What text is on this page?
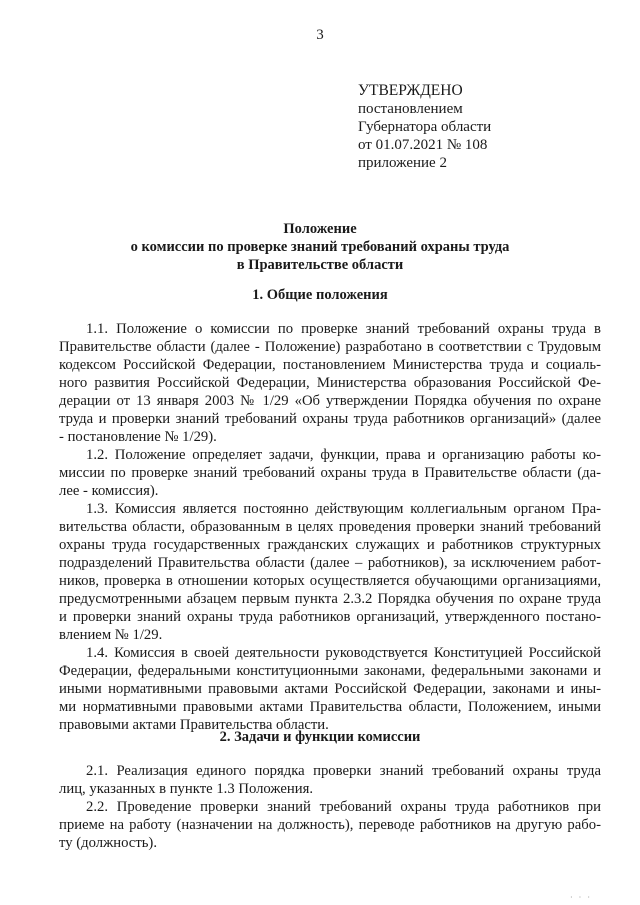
3
УТВЕРЖДЕНО
постановлением
Губернатора области
от 01.07.2021 № 108
приложение 2
Положение
о комиссии по проверке знаний требований охраны труда
в Правительстве области
1. Общие положения
1.1. Положение о комиссии по проверке знаний требований охраны труда в
Правительстве области (далее - Положение) разработано в соответствии с Трудовым
кодексом Российской Федерации, постановлением Министерства труда и социаль-
ного развития Российской Федерации, Министерства образования Российской Фе-
дерации от 13 января 2003 № 1/29 «Об утверждении Порядка обучения по охране
труда и проверки знаний требований охраны труда работников организаций» (далее
- постановление № 1/29).
1.2. Положение определяет задачи, функции, права и организацию работы ко-
миссии по проверке знаний требований охраны труда в Правительстве области (да-
лее - комиссия).
1.3. Комиссия является постоянно действующим коллегиальным органом Пра-
вительства области, образованным в целях проведения проверки знаний требований
охраны труда государственных гражданских служащих и работников структурных
подразделений Правительства области (далее – работников), за исключением работ-
ников, проверка в отношении которых осуществляется обучающими организациями,
предусмотренными абзацем первым пункта 2.3.2 Порядка обучения по охране труда
и проверки знаний охраны труда работников организаций, утвержденного постано-
влением № 1/29.
1.4. Комиссия в своей деятельности руководствуется Конституцией Российской
Федерации, федеральными конституционными законами, федеральными законами и
иными нормативными правовыми актами Российской Федерации, законами и ины-
ми нормативными правовыми актами Правительства области, Положением, иными
правовыми актами Правительства области.
2. Задачи и функции комиссии
2.1. Реализация единого порядка проверки знаний требований охраны труда
лиц, указанных в пункте 1.3 Положения.
2.2. Проведение проверки знаний требований охраны труда работников при
приеме на работу (назначении на должность), переводе работников на другую рабо-
ту (должность).
· · ·
